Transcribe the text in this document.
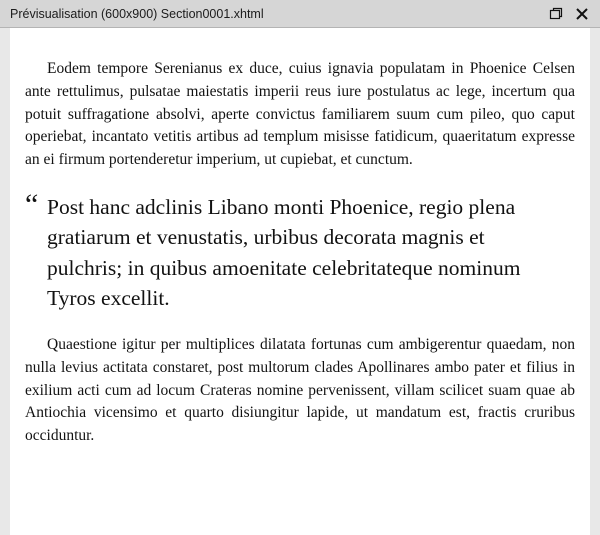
Prévisualisation (600x900) Section0001.xhtml

Eodem tempore Serenianus ex duce, cuius ignavia populatam in Phoenice Celsen ante rettulimus, pulsatae maiestatis imperii reus iure postulatus ac lege, incertum qua potuit suffragatione absolvi, aperte convictus familiarem suum cum pileo, quo caput operiebat, incantato vetitis artibus ad templum misisse fatidicum, quaeritatum expresse an ei firmum portenderetur imperium, ut cupiebat, et cunctum.

“ Post hanc adclinis Libano monti Phoenice, regio plena gratiarum et venustatis, urbibus decorata magnis et pulchris; in quibus amoenitate celebritateque nominum Tyros excellit.

Quaestione igitur per multiplices dilatata fortunas cum ambigerentur quaedam, non nulla levius actitata constaret, post multorum clades Apollinares ambo pater et filius in exilium acti cum ad locum Crateras nomine pervenissent, villam scilicet suam quae ab Antiochia vicensimo et quarto disiungitur lapide, ut mandatum est, fractis cruribus occiduntur.
